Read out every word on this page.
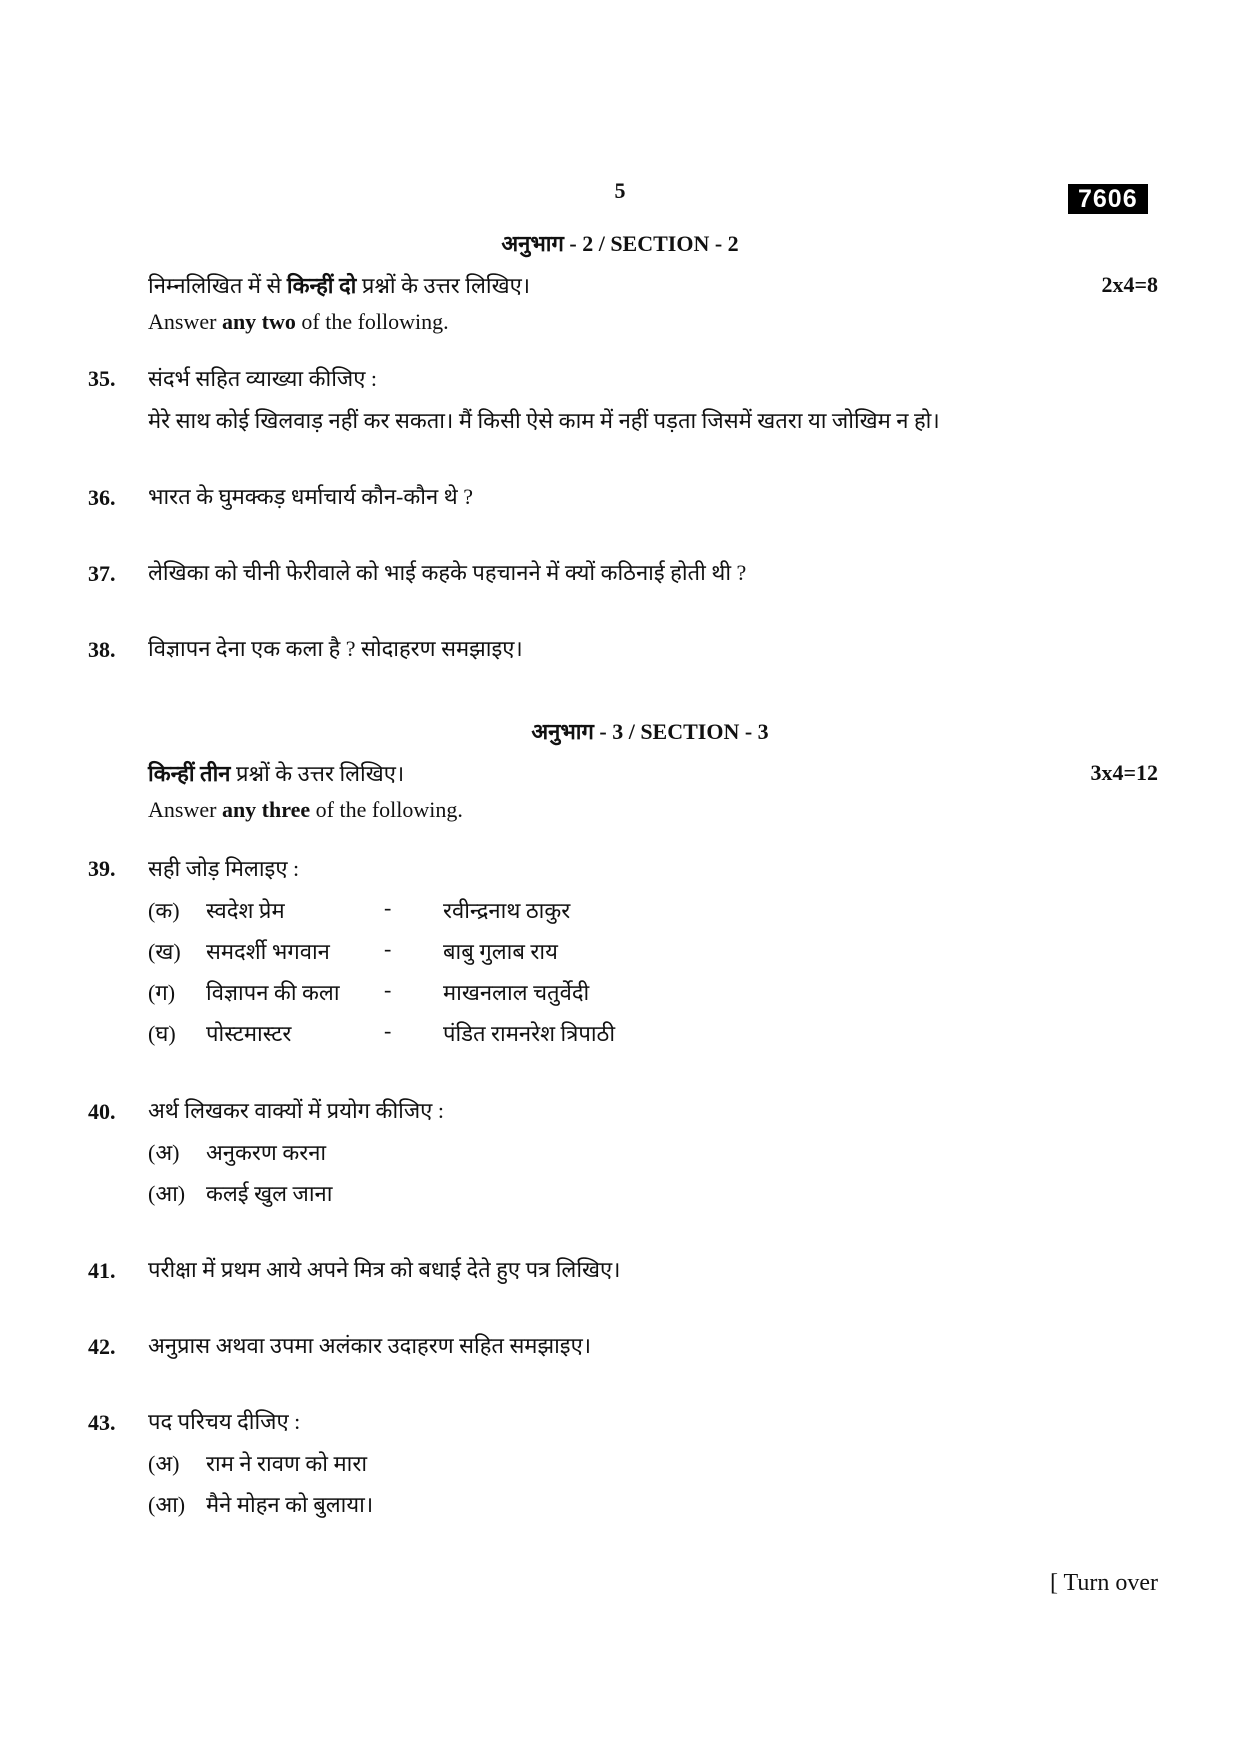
5	7606
अनुभाग - 2 / SECTION - 2
निम्नलिखित में से किन्हीं दो प्रश्नों के उत्तर लिखिए।	2x4=8
Answer any two of the following.
35. संदर्भ सहित व्याख्या कीजिए :
मेरे साथ कोई खिलवाड़ नहीं कर सकता। मैं किसी ऐसे काम में नहीं पड़ता जिसमें खतरा या जोखिम न हो।
36. भारत के घुमक्कड़ धर्माचार्य कौन-कौन थे ?
37. लेखिका को चीनी फेरीवाले को भाई कहके पहचानने में क्यों कठिनाई होती थी ?
38. विज्ञापन देना एक कला है ? सोदाहरण समझाइए।
अनुभाग - 3 / SECTION - 3
किन्हीं तीन प्रश्नों के उत्तर लिखिए।	3x4=12
Answer any three of the following.
39. सही जोड़ मिलाइए :
(क) स्वदेश प्रेम	- रवीन्द्रनाथ ठाकुर
(ख) समदर्शी भगवान - बाबु गुलाब राय
(ग) विज्ञापन की कला - माखनलाल चतुर्वेदी
(घ) पोस्टमास्टर	- पंडित रामनरेश त्रिपाठी
40. अर्थ लिखकर वाक्यों में प्रयोग कीजिए :
(अ) अनुकरण करना
(आ) कलई खुल जाना
41. परीक्षा में प्रथम आये अपने मित्र को बधाई देते हुए पत्र लिखिए।
42. अनुप्रास अथवा उपमा अलंकार उदाहरण सहित समझाइए।
43. पद परिचय दीजिए :
(अ) राम ने रावण को मारा
(आ) मैने मोहन को बुलाया।
[ Turn over
